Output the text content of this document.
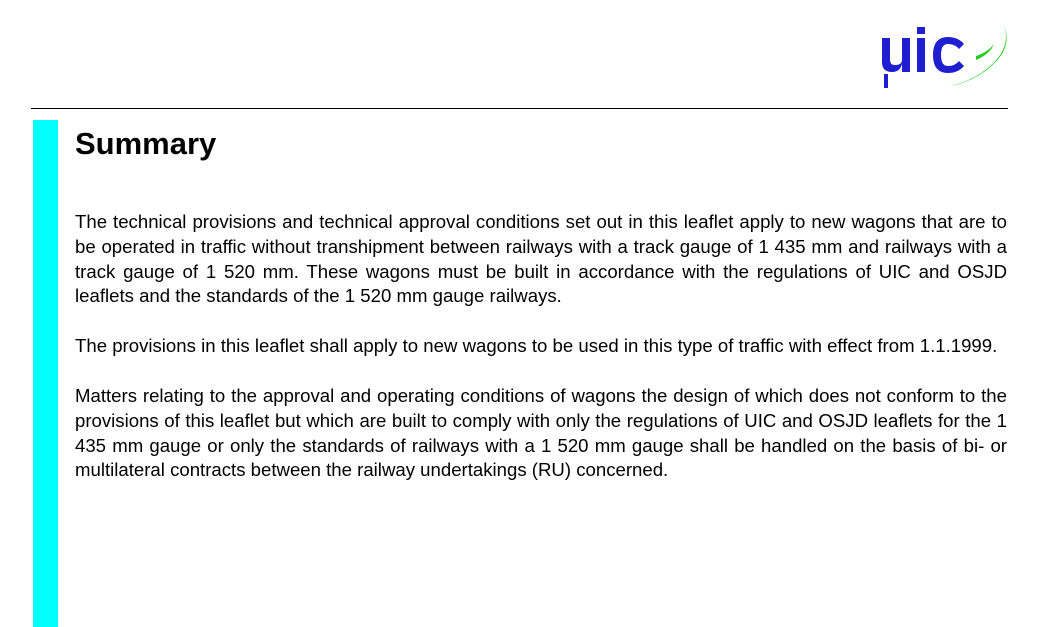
Summary

The technical provisions and technical approval conditions set out in this leaflet apply to new wagons that are to be operated in traffic without transhipment between railways with a track gauge of 1 435 mm and railways with a track gauge of 1 520 mm. These wagons must be built in accordance with the regulations of UIC and OSJD leaflets and the standards of the 1 520 mm gauge railways.

The provisions in this leaflet shall apply to new wagons to be used in this type of traffic with effect from 1.1.1999.

Matters relating to the approval and operating conditions of wagons the design of which does not conform to the provisions of this leaflet but which are built to comply with only the regulations of UIC and OSJD leaflets for the 1 435 mm gauge or only the standards of railways with a 1 520 mm gauge shall be handled on the basis of bi- or multilateral contracts between the railway undertakings (RU) concerned.
